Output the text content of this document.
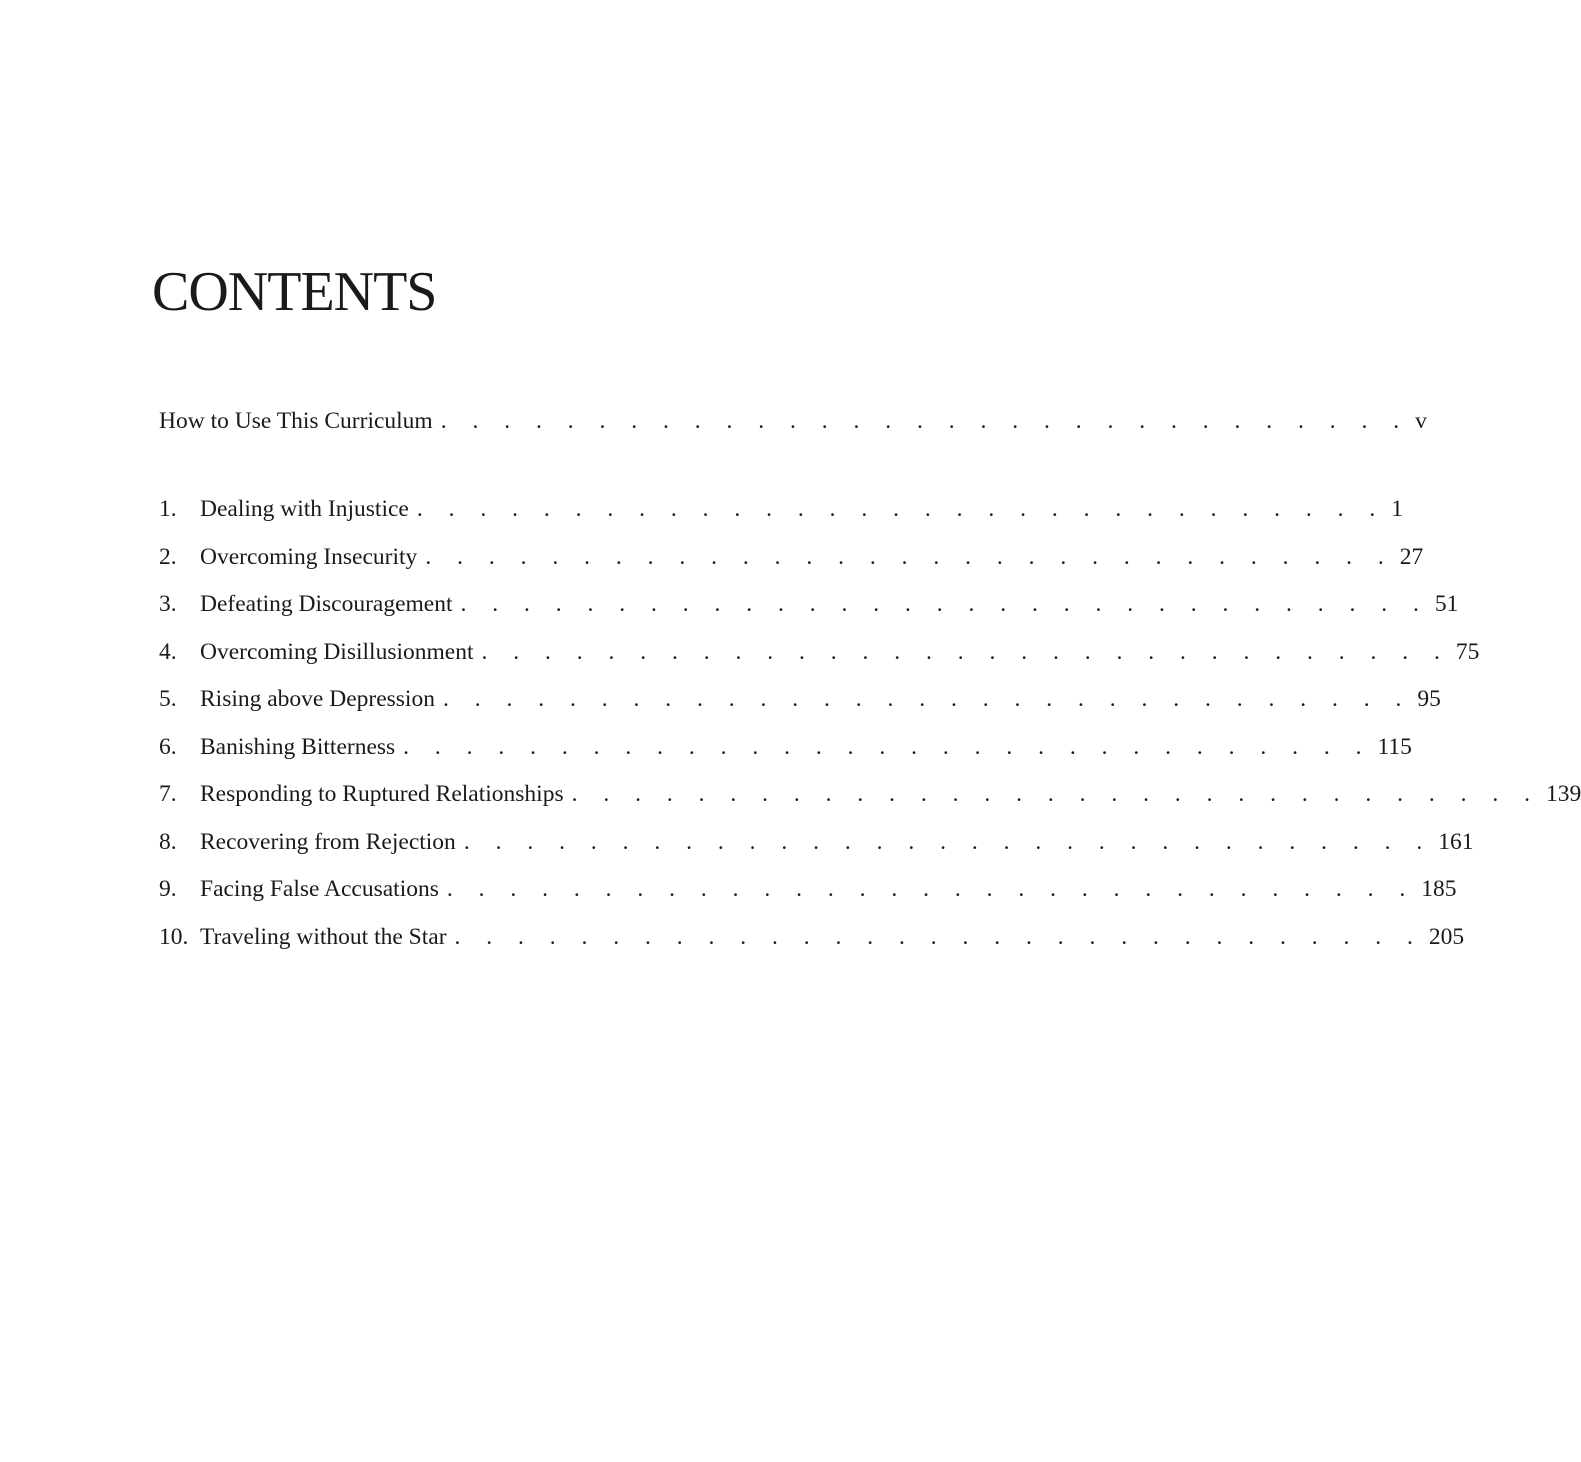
CONTENTS
How to Use This Curriculum . . . . . . . . . . . . . . . . . . . . . . . . . . . . . . . v
1. Dealing with Injustice . . . . . . . . . . . . . . . . . . . . . . . . . . . . . . . 1
2. Overcoming Insecurity . . . . . . . . . . . . . . . . . . . . . . . . . . . . . . . 27
3. Defeating Discouragement . . . . . . . . . . . . . . . . . . . . . . . . . . . . . . . 51
4. Overcoming Disillusionment . . . . . . . . . . . . . . . . . . . . . . . . . . . . . . . 75
5. Rising above Depression . . . . . . . . . . . . . . . . . . . . . . . . . . . . . . . 95
6. Banishing Bitterness . . . . . . . . . . . . . . . . . . . . . . . . . . . . . . . 115
7. Responding to Ruptured Relationships . . . . . . . . . . . . . . . . . . . . . . . . . . . . . . . 139
8. Recovering from Rejection . . . . . . . . . . . . . . . . . . . . . . . . . . . . . . . 161
9. Facing False Accusations . . . . . . . . . . . . . . . . . . . . . . . . . . . . . . . 185
10. Traveling without the Star . . . . . . . . . . . . . . . . . . . . . . . . . . . . . . . 205
